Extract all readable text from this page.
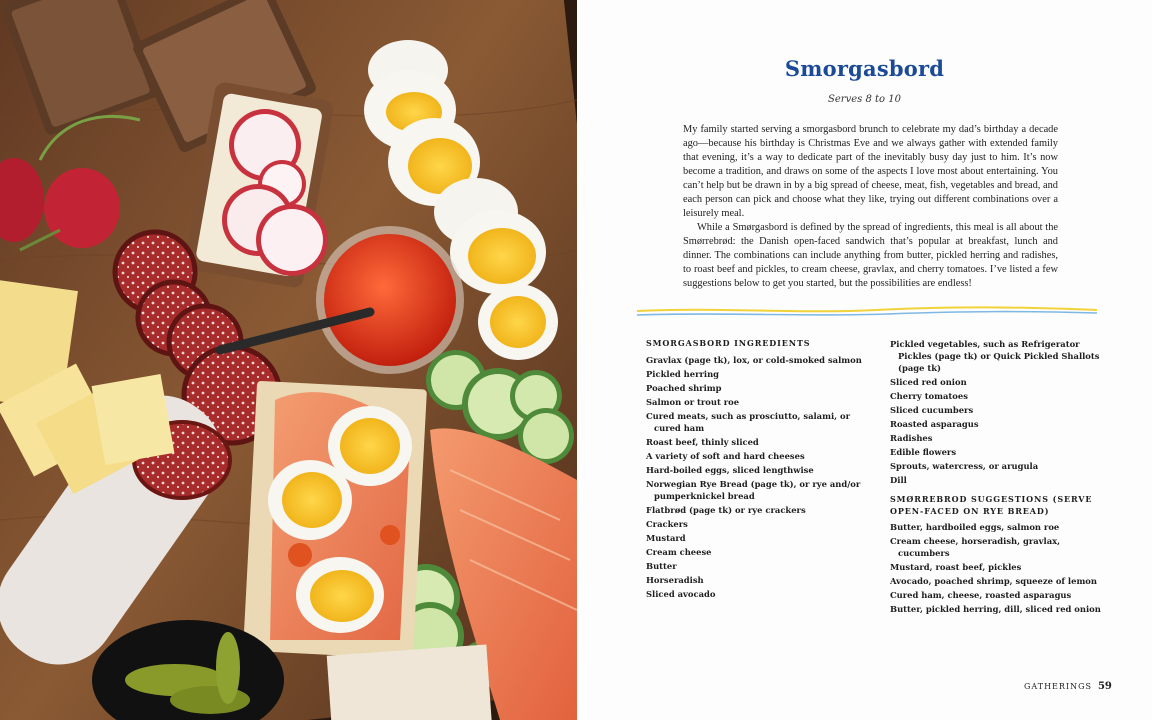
Smorgasbord
Serves 8 to 10

My family started serving a smorgasbord brunch to celebrate my dad’s birthday a decade ago—because his birthday is Christmas Eve and we always gather with extended family that evening, it’s a way to dedicate part of the inevitably busy day just to him. It’s now become a tradition, and draws on some of the aspects I love most about entertaining. You can’t help but be drawn in by a big spread of cheese, meat, fish, vegetables and bread, and each person can pick and choose what they like, trying out different combinations over a leisurely meal.

While a Smørgasbord is defined by the spread of ingredients, this meal is all about the Smørrebrød: the Danish open-faced sandwich that’s popular at breakfast, lunch and dinner. The combinations can include anything from butter, pickled herring and radishes, to roast beef and pickles, to cream cheese, gravlax, and cherry tomatoes. I’ve listed a few suggestions below to get you started, but the possibilities are endless!

SMORGASBORD INGREDIENTS
Gravlax (page tk), lox, or cold-smoked salmon
Pickled herring
Poached shrimp
Salmon or trout roe
Cured meats, such as prosciutto, salami, or cured ham
Roast beef, thinly sliced
A variety of soft and hard cheeses
Hard-boiled eggs, sliced lengthwise
Norwegian Rye Bread (page tk), or rye and/or pumperknickel bread
Flatbrød (page tk) or rye crackers
Crackers
Mustard
Cream cheese
Butter
Horseradish
Sliced avocado
Pickled vegetables, such as Refrigerator Pickles (page tk) or Quick Pickled Shallots (page tk)
Sliced red onion
Cherry tomatoes
Sliced cucumbers
Roasted asparagus
Radishes
Edible flowers
Sprouts, watercress, or arugula
Dill
SMØRREBROD SUGGESTIONS (SERVE OPEN-FACED ON RYE BREAD)
Butter, hardboiled eggs, salmon roe
Cream cheese, horseradish, gravlax, cucumbers
Mustard, roast beef, pickles
Avocado, poached shrimp, squeeze of lemon
Cured ham, cheese, roasted asparagus
Butter, pickled herring, dill, sliced red onion
GATHERINGS 59
